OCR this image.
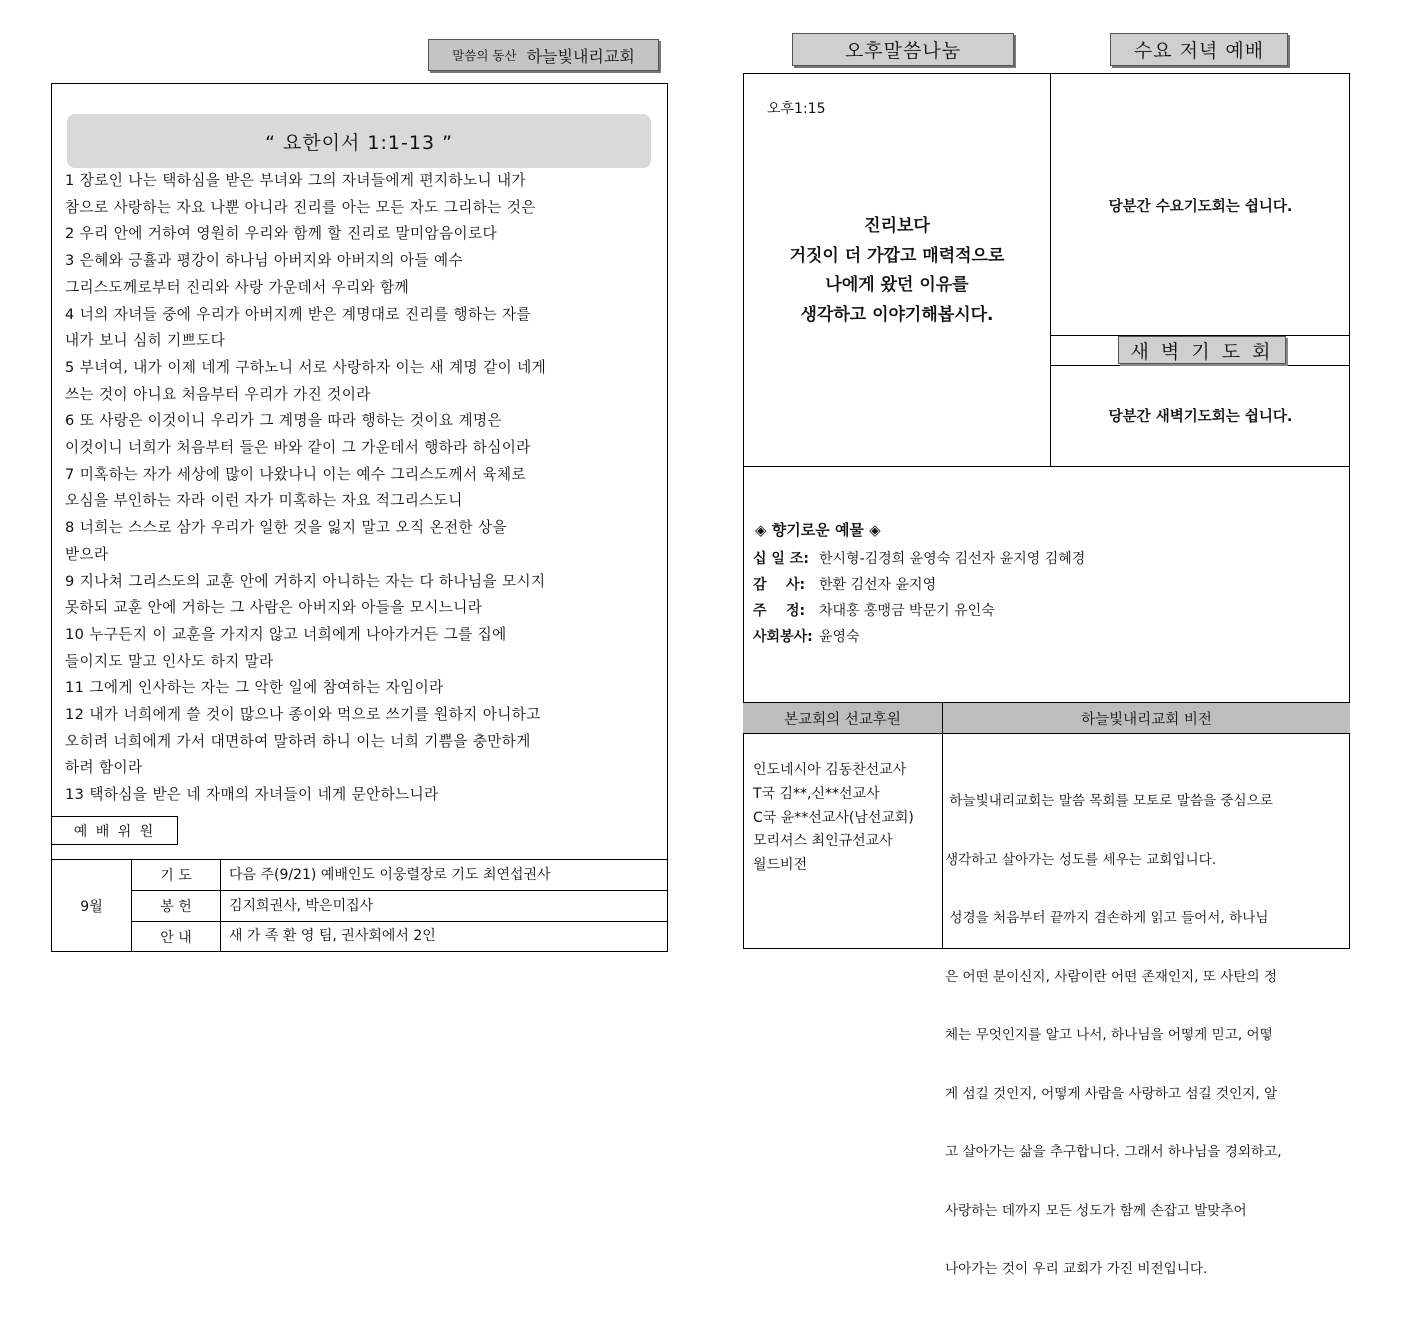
말씀의 동산 하늘빛내리교회
“ 요한이서 1:1-13 ”
1 장로인 나는 택하심을 받은 부녀와 그의 자녀들에게 편지하노니 내가
참으로 사랑하는 자요 나뿐 아니라 진리를 아는 모든 자도 그리하는 것은
2 우리 안에 거하여 영원히 우리와 함께 할 진리로 말미암음이로다
3 은혜와 긍휼과 평강이 하나님 아버지와 아버지의 아들 예수
그리스도께로부터 진리와 사랑 가운데서 우리와 함께
4 너의 자녀들 중에 우리가 아버지께 받은 계명대로 진리를 행하는 자를
내가 보니 심히 기쁘도다
5 부녀여, 내가 이제 네게 구하노니 서로 사랑하자 이는 새 계명 같이 네게
쓰는 것이 아니요 처음부터 우리가 가진 것이라
6 또 사랑은 이것이니 우리가 그 계명을 따라 행하는 것이요 계명은
이것이니 너희가 처음부터 들은 바와 같이 그 가운데서 행하라 하심이라
7 미혹하는 자가 세상에 많이 나왔나니 이는 예수 그리스도께서 육체로
오심을 부인하는 자라 이런 자가 미혹하는 자요 적그리스도니
8 너희는 스스로 삼가 우리가 일한 것을 잃지 말고 오직 온전한 상을
받으라
9 지나쳐 그리스도의 교훈 안에 거하지 아니하는 자는 다 하나님을 모시지
못하되 교훈 안에 거하는 그 사람은 아버지와 아들을 모시느니라
10 누구든지 이 교훈을 가지지 않고 너희에게 나아가거든 그를 집에
들이지도 말고 인사도 하지 말라
11 그에게 인사하는 자는 그 악한 일에 참여하는 자임이라
12 내가 너희에게 쓸 것이 많으나 종이와 먹으로 쓰기를 원하지 아니하고
오히려 너희에게 가서 대면하여 말하려 하니 이는 너희 기쁨을 충만하게
하려 함이라
13 택하심을 받은 네 자매의 자녀들이 네게 문안하느니라
예 배 위 원
9월
기 도	다음 주(9/21) 예배인도 이웅렬장로 기도 최연섭권사
봉 헌	김지희권사, 박은미집사
안 내	새 가 족 환 영 팀, 권사회에서 2인
오후말씀나눔	수요 저녁 예배
오후1:15
진리보다
거짓이 더 가깝고 매력적으로
나에게 왔던 이유를
생각하고 이야기해봅시다.
당분간 수요기도회는 쉽니다.
새 벽 기 도 회
당분간 새벽기도회는 쉽니다.
◈ 향기로운 예물 ◈
십 일 조: 한시형-김경희 윤영숙 김선자 윤지영 김혜경
감    사: 한환 김선자 윤지영
주    정: 차대홍 홍맹금 박문기 유인숙
사회봉사: 윤영숙
본교회의 선교후원	하늘빛내리교회 비전
인도네시아 김동찬선교사
T국 김**,신**선교사
C국 윤**선교사(남선교회)
모리셔스 최인규선교사
월드비전

하늘빛내리교회는 말씀 목회를 모토로 말씀을 중심으로

생각하고 살아가는 성도를 세우는 교회입니다.

성경을 처음부터 끝까지 겸손하게 읽고 들어서, 하나님

은 어떤 분이신지, 사람이란 어떤 존재인지, 또 사탄의 정

체는 무엇인지를 알고 나서, 하나님을 어떻게 믿고, 어떻

게 섬길 것인지, 어떻게 사람을 사랑하고 섬길 것인지, 알

고 살아가는 삶을 추구합니다. 그래서 하나님을 경외하고,

사랑하는 데까지 모든 성도가 함께 손잡고 발맞추어

나아가는 것이 우리 교회가 가진 비전입니다.
